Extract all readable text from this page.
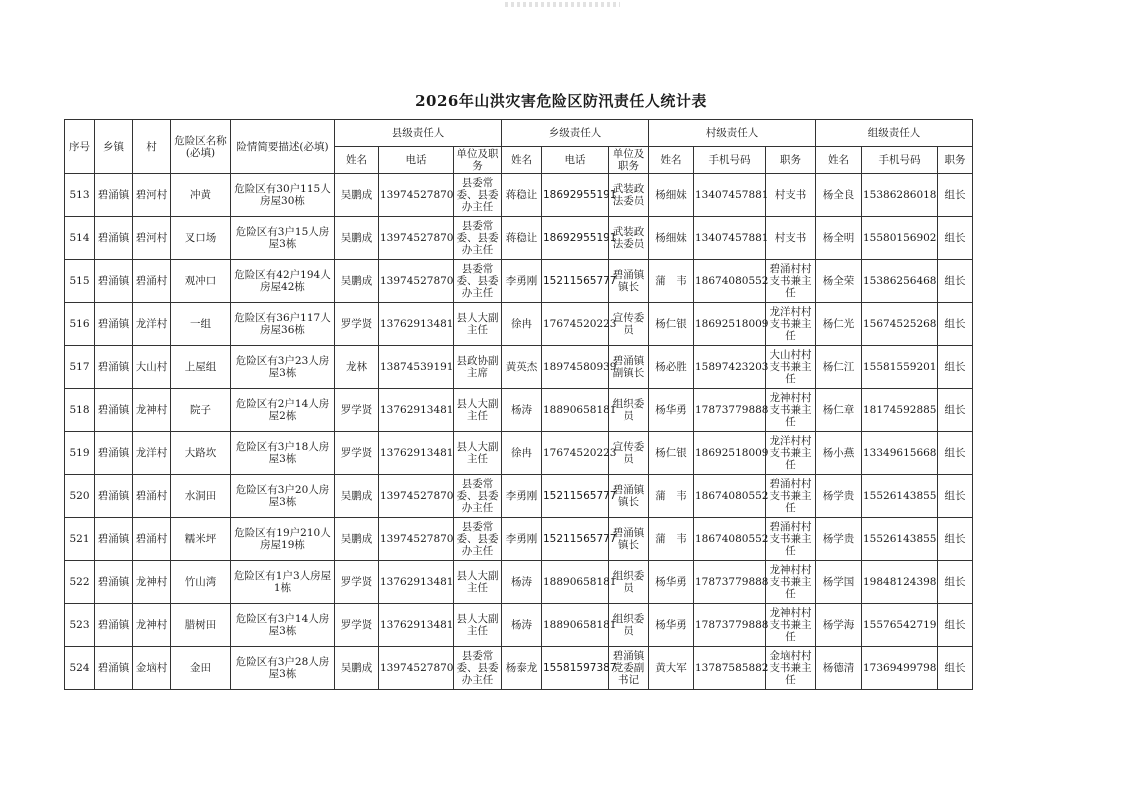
2026年山洪灾害危险区防汛责任人统计表
序号	乡镇	村	危险区名称(必填)	险情简要描述(必填)	县级责任人			乡级责任人			村级责任人			组级责任人		
					姓名	电话	单位及职务	姓名	电话	单位及职务	姓名	手机号码	职务	姓名	手机号码	职务
513	碧涌镇	碧河村	冲黄	危险区有30户115人房屋30栋	吴鹏成	13974527870	县委常委、县委办主任	蒋稳让	18692955191	武装政法委员	杨细妹	13407457881	村支书	杨全良	15386286018	组长
514	碧涌镇	碧河村	叉口场	危险区有3户15人房屋3栋	吴鹏成	13974527870	县委常委、县委办主任	蒋稳让	18692955191	武装政法委员	杨细妹	13407457881	村支书	杨全明	15580156902	组长
515	碧涌镇	碧涌村	观冲口	危险区有42户194人房屋42栋	吴鹏成	13974527870	县委常委、县委办主任	李勇刚	15211565777	碧涌镇镇长	蒲　韦	18674080552	碧涌村村支书兼主任	杨全荣	15386256468	组长
516	碧涌镇	龙洋村	一组	危险区有36户117人房屋36栋	罗学贤	13762913481	县人大副主任	徐冉	17674520223	宣传委员	杨仁银	18692518009	龙洋村村支书兼主任	杨仁光	15674525268	组长
517	碧涌镇	大山村	上屋组	危险区有3户23人房屋3栋	龙林	13874539191	县政协副主席	黄英杰	18974580939	碧涌镇副镇长	杨必胜	15897423203	大山村村支书兼主任	杨仁江	15581559201	组长
518	碧涌镇	龙神村	院子	危险区有2户14人房屋2栋	罗学贤	13762913481	县人大副主任	杨涛	18890658181	组织委员	杨华勇	17873779888	龙神村村支书兼主任	杨仁章	18174592885	组长
519	碧涌镇	龙洋村	大路坎	危险区有3户18人房屋3栋	罗学贤	13762913481	县人大副主任	徐冉	17674520223	宣传委员	杨仁银	18692518009	龙洋村村支书兼主任	杨小燕	13349615668	组长
520	碧涌镇	碧涌村	水洞田	危险区有3户20人房屋3栋	吴鹏成	13974527870	县委常委、县委办主任	李勇刚	15211565777	碧涌镇镇长	蒲　韦	18674080552	碧涌村村支书兼主任	杨学贵	15526143855	组长
521	碧涌镇	碧涌村	糯米坪	危险区有19户210人房屋19栋	吴鹏成	13974527870	县委常委、县委办主任	李勇刚	15211565777	碧涌镇镇长	蒲　韦	18674080552	碧涌村村支书兼主任	杨学贵	15526143855	组长
522	碧涌镇	龙神村	竹山湾	危险区有1户3人房屋1栋	罗学贤	13762913481	县人大副主任	杨涛	18890658181	组织委员	杨华勇	17873779888	龙神村村支书兼主任	杨学国	19848124398	组长
523	碧涌镇	龙神村	腊树田	危险区有3户14人房屋3栋	罗学贤	13762913481	县人大副主任	杨涛	18890658181	组织委员	杨华勇	17873779888	龙神村村支书兼主任	杨学海	15576542719	组长
524	碧涌镇	金垴村	金田	危险区有3户28人房屋3栋	吴鹏成	13974527870	县委常委、县委办主任	杨泰龙	15581597387	碧涌镇党委副书记	黄大军	13787585882	金垴村村支书兼主任	杨德清	17369499798	组长
